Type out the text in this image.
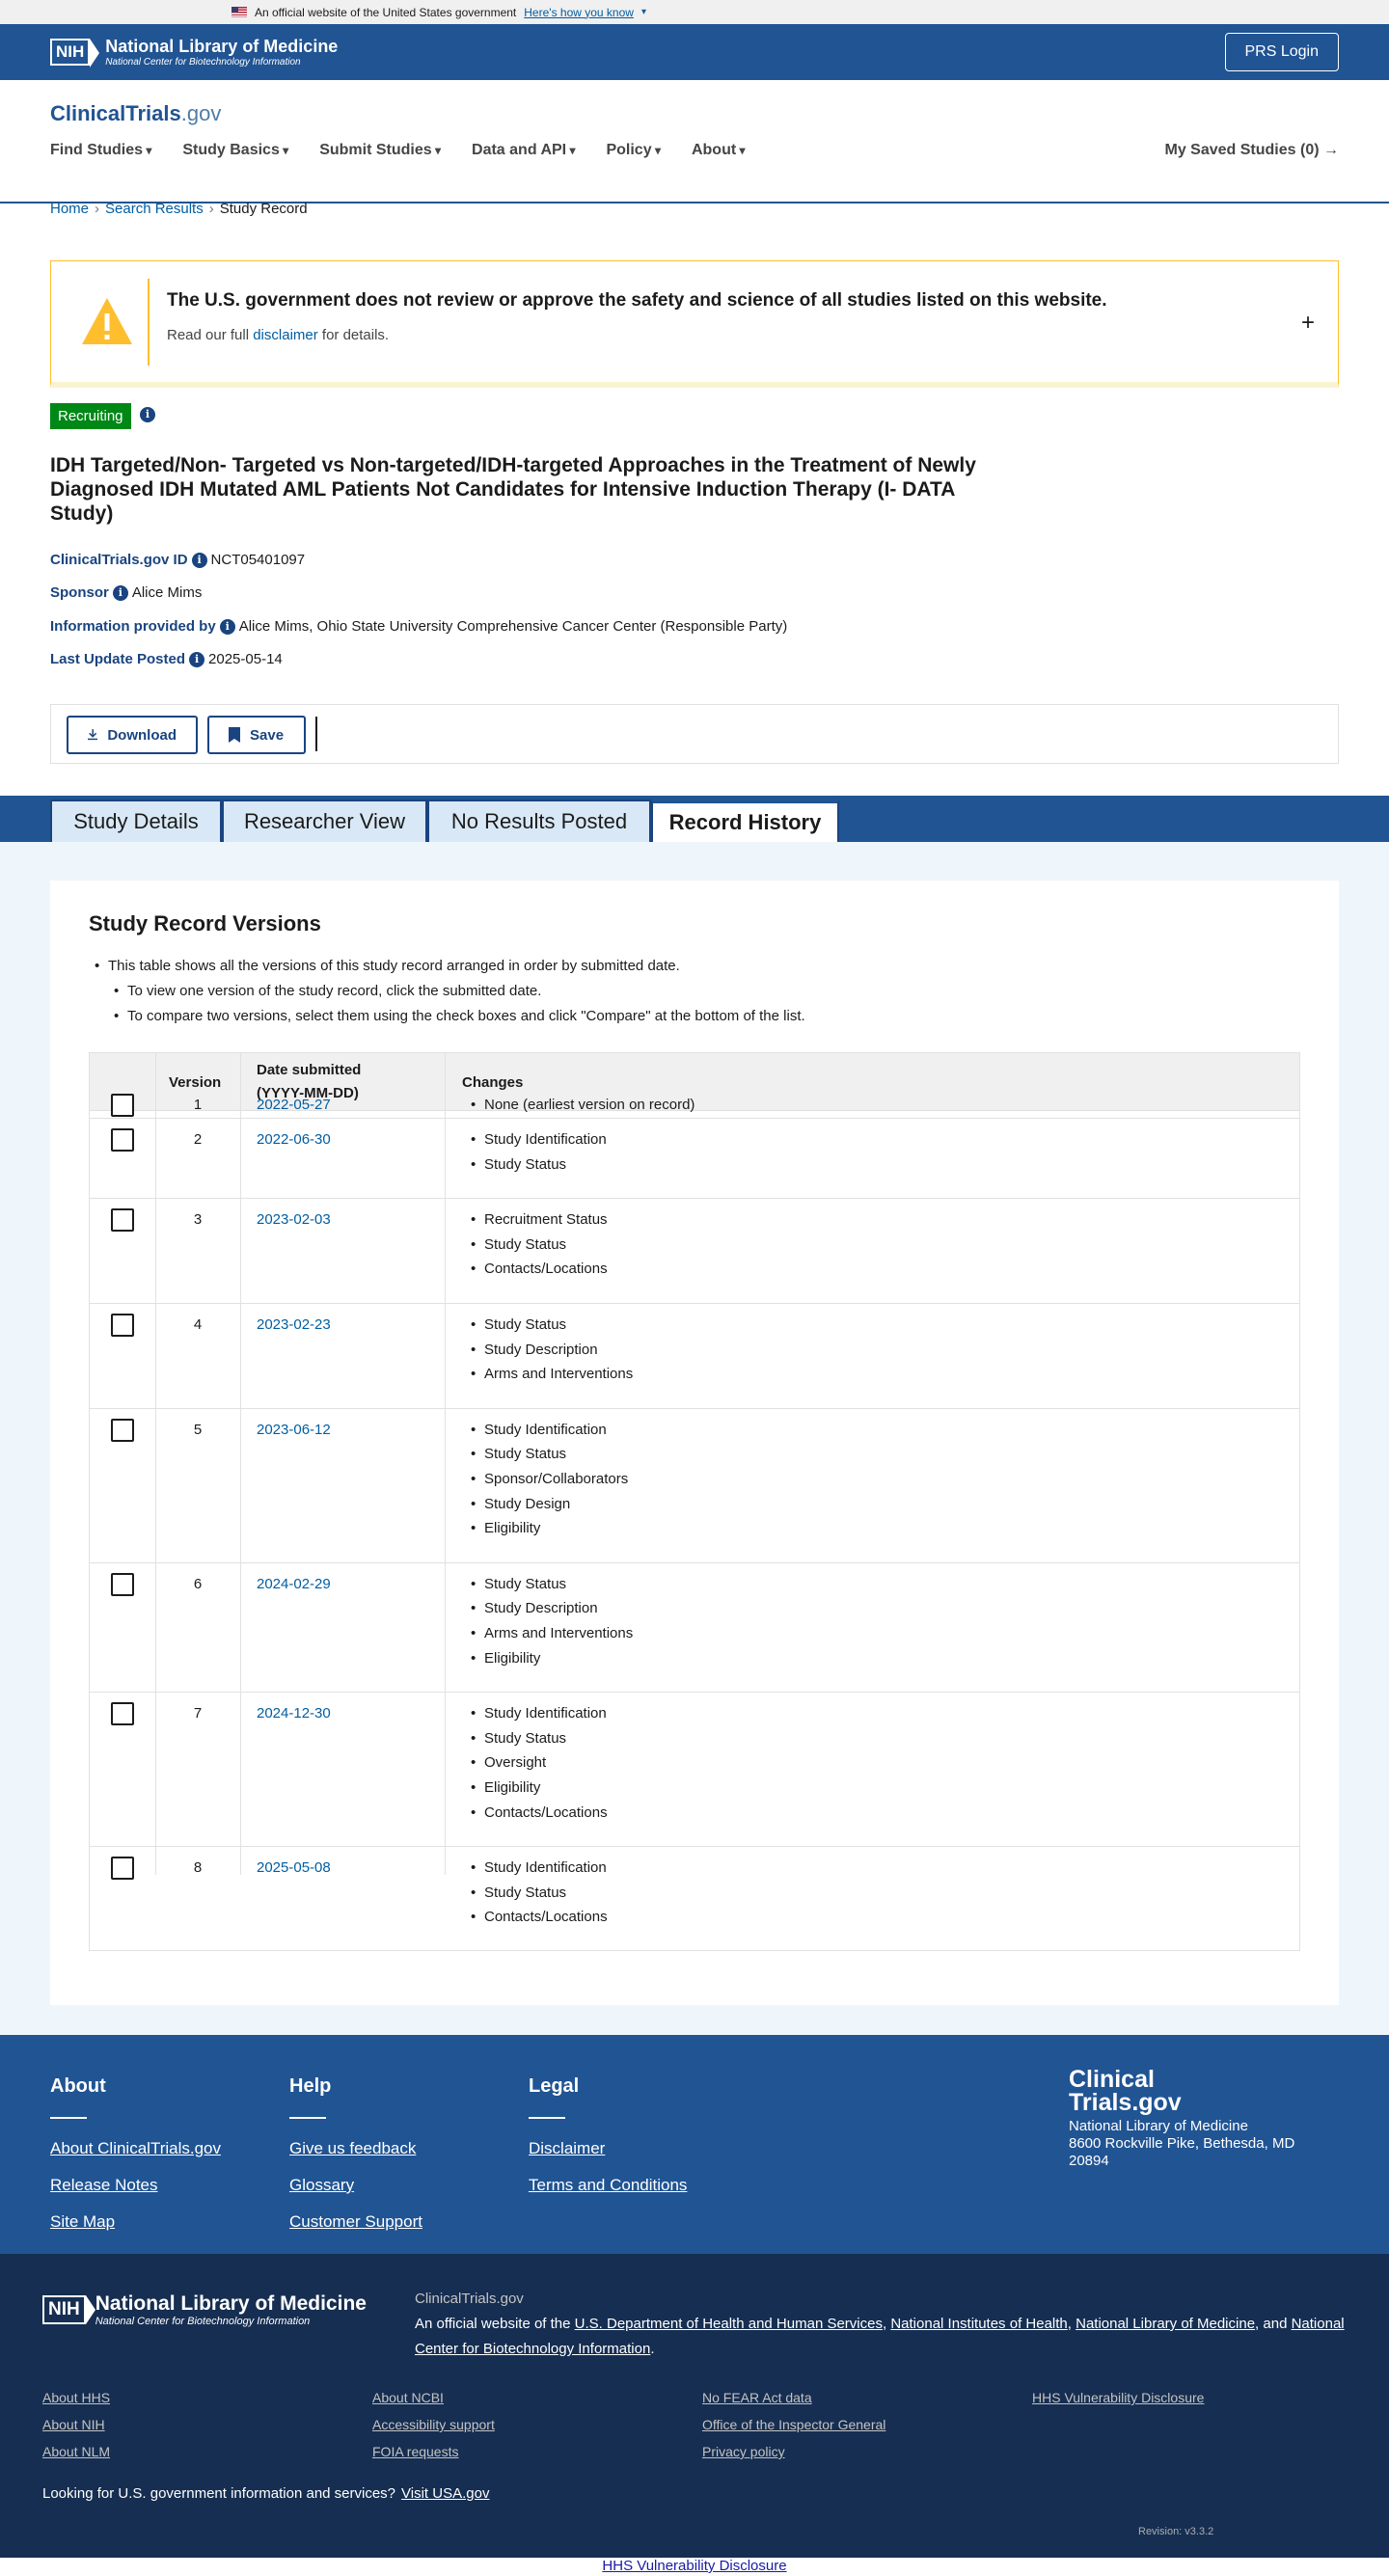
An official website of the United States government Here's how you know ▾
NIH	National Library of Medicine
National Center for Biotechnology Information
PRS Login
ClinicalTrials.gov
Find Studies ▾	Study Basics ▾	Submit Studies ▾	Data and API ▾	Policy ▾	About ▾	My Saved Studies (0) →
Home › Search Results › Study Record
The U.S. government does not review or approve the safety and science of all studies listed on this website.
Read our full disclaimer for details.	+
Recruiting	i
IDH Targeted/Non- Targeted vs Non-targeted/IDH-targeted Approaches in the Treatment of Newly Diagnosed IDH Mutated AML Patients Not Candidates for Intensive Induction Therapy (I- DATA Study)
ClinicalTrials.gov ID i NCT05401097
Sponsor i Alice Mims
Information provided by i Alice Mims, Ohio State University Comprehensive Cancer Center (Responsible Party)
Last Update Posted i 2025-05-14
Download	Save
Study Details	Researcher View	No Results Posted	Record History
Study Record Versions
• This table shows all the versions of this study record arranged in order by submitted date.
• To view one version of the study record, click the submitted date.
• To compare two versions, select them using the check boxes and click "Compare" at the bottom of the list.
Version
Date submitted
(YYYY-MM-DD)
Changes
1	2022-05-27	• None (earliest version on record)
2	2022-06-30	• Study Identification
• Study Status
3	2023-02-03	• Recruitment Status
• Study Status
• Contacts/Locations
4	2023-02-23	• Study Status
• Study Description
• Arms and Interventions
5	2023-06-12	• Study Identification
• Study Status
• Sponsor/Collaborators
• Study Design
• Eligibility
6	2024-02-29	• Study Status
• Study Description
• Arms and Interventions
• Eligibility
7	2024-12-30	• Study Identification
• Study Status
• Oversight
• Eligibility
• Contacts/Locations
8	2025-05-08	• Study Identification
• Study Status
• Contacts/Locations
About
About ClinicalTrials.gov
Release Notes
Site Map
Help
Give us feedback
Glossary
Customer Support
Legal
Disclaimer
Terms and Conditions
Clinical
Trials.gov
National Library of Medicine
8600 Rockville Pike, Bethesda, MD 20894
NIH National Library of Medicine
National Center for Biotechnology Information
ClinicalTrials.gov
An official website of the U.S. Department of Health and Human Services, National Institutes of Health, National Library of Medicine, and National Center for Biotechnology Information.
About HHS
About NIH
About NLM
About NCBI
Accessibility support
FOIA requests
No FEAR Act data
Office of the Inspector General
Privacy policy
HHS Vulnerability Disclosure
Looking for U.S. government information and services? Visit USA.gov
Revision: v3.3.2
HHS Vulnerability Disclosure
